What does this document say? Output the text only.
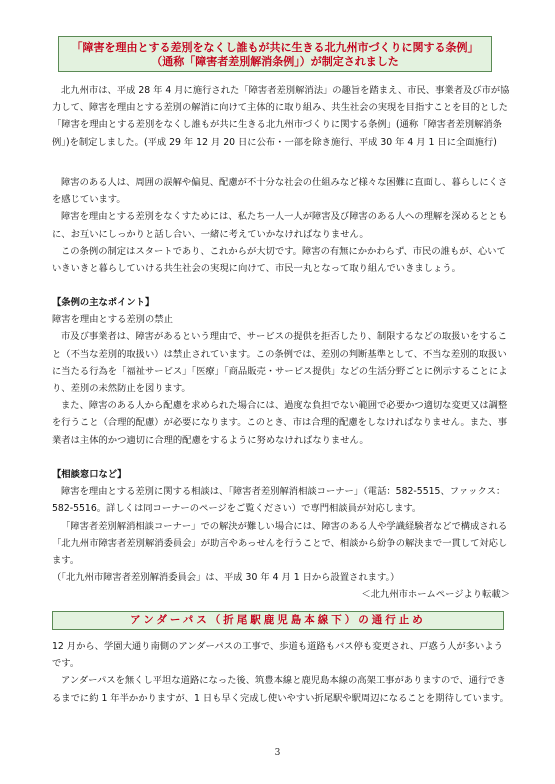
「障害を理由とする差別をなくし誰もが共に生きる北九州市づくりに関する条例」
（通称「障害者差別解消条例」）が制定されました

北九州市は、平成 28 年 4 月に施行された「障害者差別解消法」の趣旨を踏まえ、市民、事業者及び市が協力して、障害を理由とする差別の解消に向けて主体的に取り組み、共生社会の実現を目指すことを目的とした「障害を理由とする差別をなくし誰もが共に生きる北九州市づくりに関する条例」(通称「障害者差別解消条例」)を制定しました。(平成 29 年 12 月 20 日に公布・一部を除き施行、平成 30 年 4 月 1 日に全面施行)

障害のある人は、周囲の誤解や偏見、配慮が不十分な社会の仕組みなど様々な困難に直面し、暮らしにくさを感じています。

障害を理由とする差別をなくすためには、私たち一人一人が障害及び障害のある人への理解を深めるとともに、お互いにしっかりと話し合い、一緒に考えていかなければなりません。

この条例の制定はスタートであり、これからが大切です。障害の有無にかかわらず、市民の誰もが、心いていきいきと暮らしていける共生社会の実現に向けて、市民一丸となって取り組んでいきましょう。

【条例の主なポイント】

障害を理由とする差別の禁止

市及び事業者は、障害があるという理由で、サービスの提供を拒否したり、制限するなどの取扱いをすること（不当な差別的取扱い）は禁止されています。この条例では、差別の判断基準として、不当な差別的取扱いに当たる行為を「福祉サービス」「医療」「商品販売・サービス提供」などの生活分野ごとに例示することにより、差別の未然防止を図ります。

また、障害のある人から配慮を求められた場合には、過度な負担でない範囲で必要かつ適切な変更又は調整を行うこと（合理的配慮）が必要になります。このとき、市は合理的配慮をしなければなりません。また、事業者は主体的かつ適切に合理的配慮をするように努めなければなりません。

【相談窓口など】

障害を理由とする差別に関する相談は、「障害者差別解消相談コーナー」（電話：582-5515、ファックス：582-5516。詳しくは同コーナーのページをご覧ください）で専門相談員が対応します。

「障害者差別解消相談コーナー」での解決が難しい場合には、障害のある人や学識経験者などで構成される「北九州市障害者差別解消委員会」が助言やあっせんを行うことで、相談から紛争の解決まで一貫して対応します。

（「北九州市障害者差別解消委員会」は、平成 30 年 4 月 1 日から設置されます。）

＜北九州市ホームページより転載＞

アンダーパス（折尾駅鹿児島本線下）の通行止め

12 月から、学園大通り南側のアンダーパスの工事で、歩道も道路もバス停も変更され、戸惑う人が多いようです。

アンダーパスを無くし平坦な道路になった後、筑豊本線と鹿児島本線の高架工事がありますので、通行できるまでに約 1 年半かかりますが、1 日も早く完成し使いやすい折尾駅や駅周辺になることを期待しています。

3
